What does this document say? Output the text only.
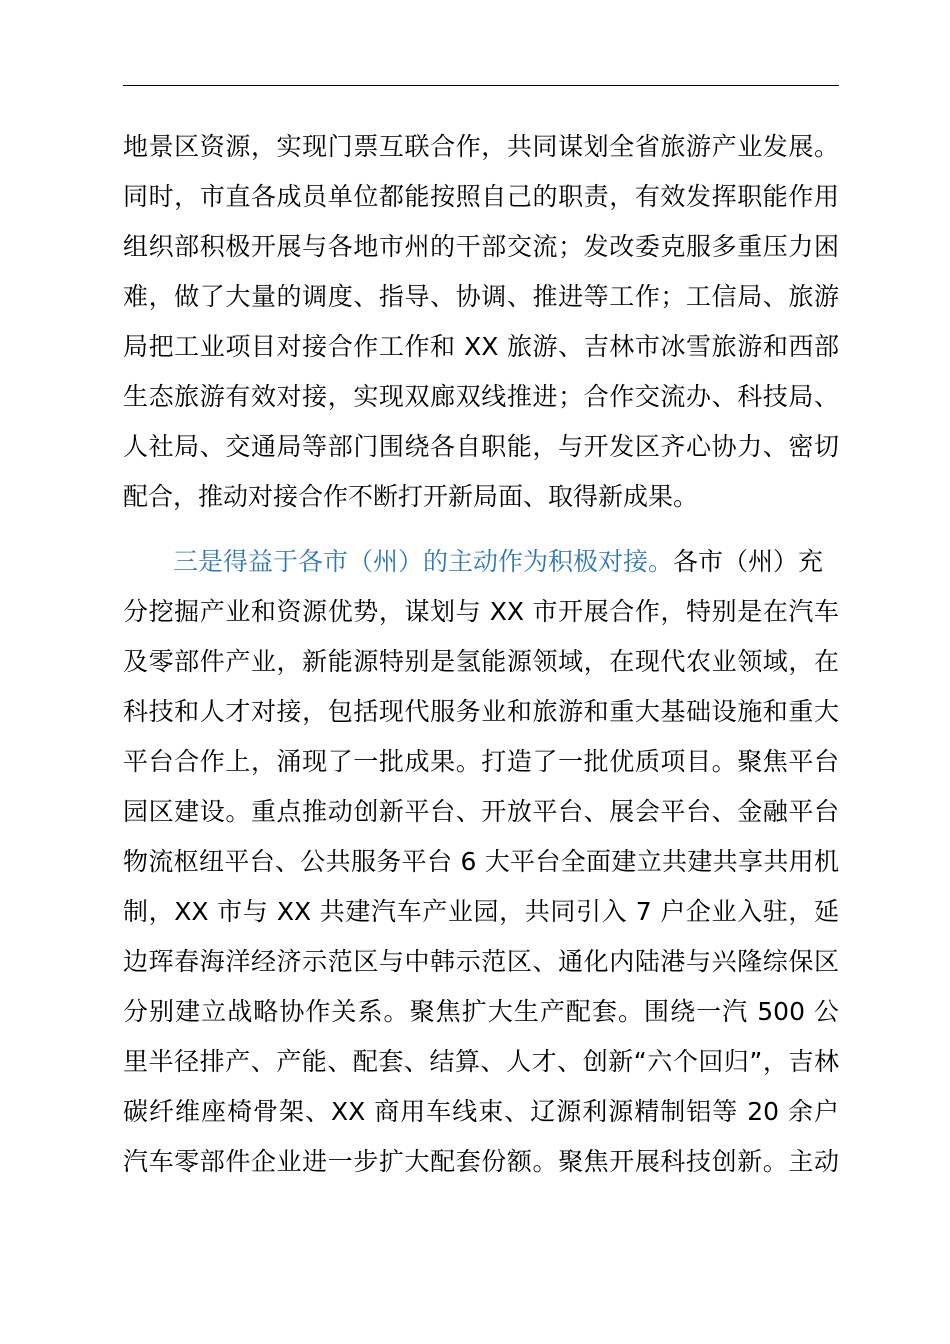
地景区资源，实现门票互联合作，共同谋划全省旅游产业发展。
同时，市直各成员单位都能按照自己的职责，有效发挥职能作用
组织部积极开展与各地市州的干部交流；发改委克服多重压力困
难，做了大量的调度、指导、协调、推进等工作；工信局、旅游
局把工业项目对接合作工作和 XX 旅游、吉林市冰雪旅游和西部
生态旅游有效对接，实现双廊双线推进；合作交流办、科技局、
人社局、交通局等部门围绕各自职能，与开发区齐心协力、密切
配合，推动对接合作不断打开新局面、取得新成果。
三是得益于各市（州）的主动作为积极对接。各市（州）充
分挖掘产业和资源优势，谋划与 XX 市开展合作，特别是在汽车
及零部件产业，新能源特别是氢能源领域，在现代农业领域，在
科技和人才对接，包括现代服务业和旅游和重大基础设施和重大
平台合作上，涌现了一批成果。打造了一批优质项目。聚焦平台
园区建设。重点推动创新平台、开放平台、展会平台、金融平台
物流枢纽平台、公共服务平台 6 大平台全面建立共建共享共用机
制，XX 市与 XX 共建汽车产业园，共同引入 7 户企业入驻，延
边珲春海洋经济示范区与中韩示范区、通化内陆港与兴隆综保区
分别建立战略协作关系。聚焦扩大生产配套。围绕一汽 500 公
里半径排产、产能、配套、结算、人才、创新“六个回归”，吉林
碳纤维座椅骨架、XX 商用车线束、辽源利源精制铝等 20 余户
汽车零部件企业进一步扩大配套份额。聚焦开展科技创新。主动
